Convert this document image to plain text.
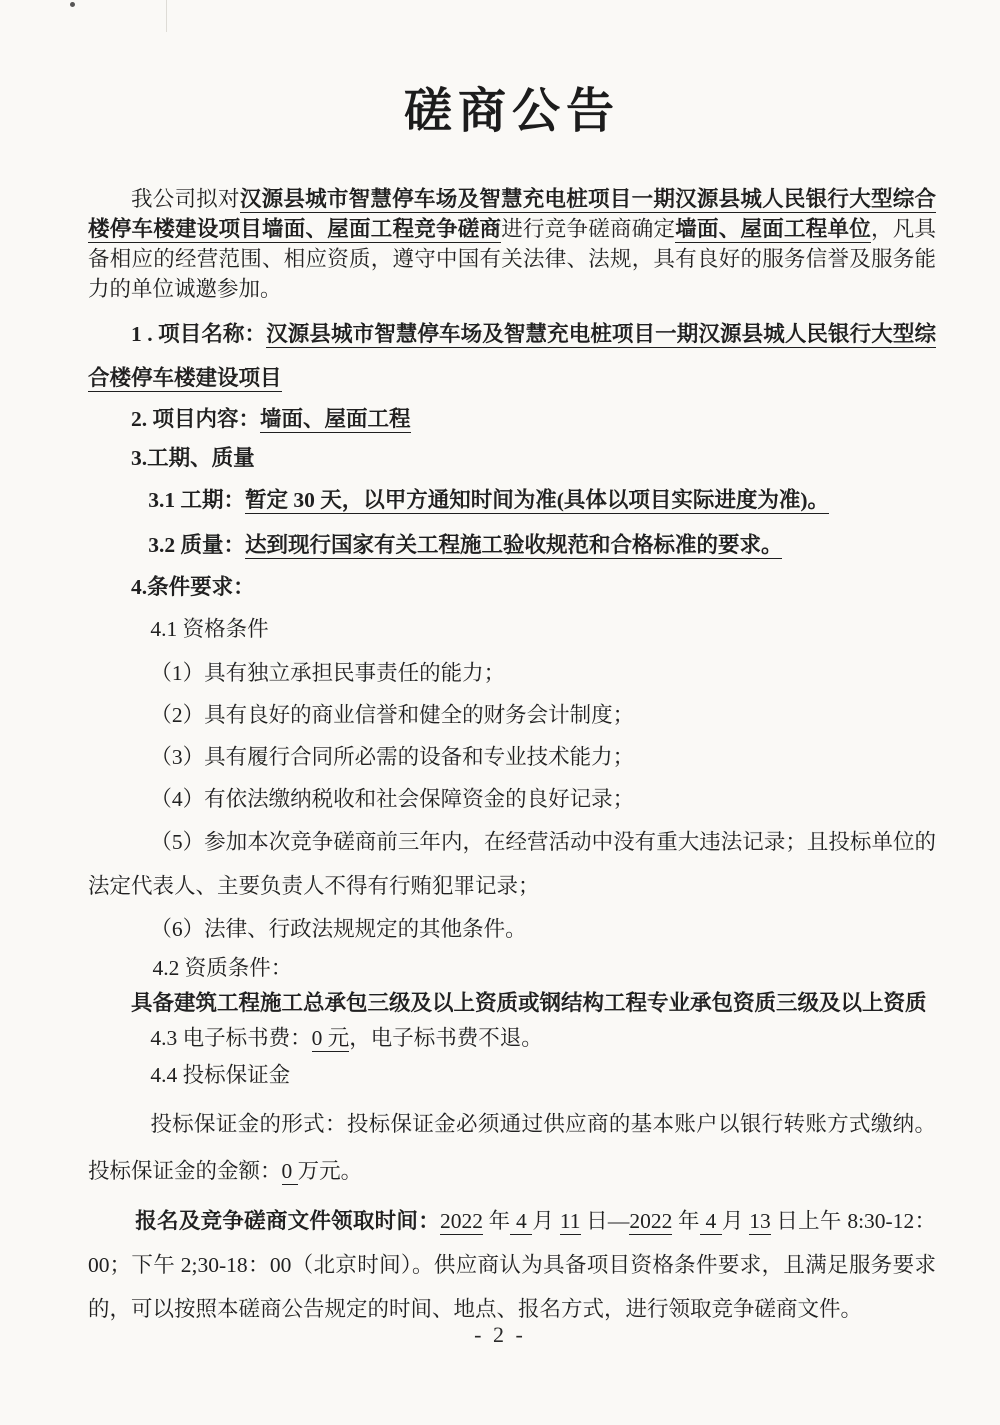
磋商公告

我公司拟对汉源县城市智慧停车场及智慧充电桩项目一期汉源县城人民银行大型综合楼停车楼建设项目墙面、屋面工程竞争磋商进行竞争磋商确定墙面、屋面工程单位，凡具备相应的经营范围、相应资质，遵守中国有关法律、法规，具有良好的服务信誉及服务能力的单位诚邀参加。

1 . 项目名称：汉源县城市智慧停车场及智慧充电桩项目一期汉源县城人民银行大型综合楼停车楼建设项目

2. 项目内容：墙面、屋面工程

3.工期、质量

3.1 工期：暂定 30 天，以甲方通知时间为准(具体以项目实际进度为准)。

3.2 质量：达到现行国家有关工程施工验收规范和合格标准的要求。

4.条件要求：

4.1 资格条件

（1）具有独立承担民事责任的能力；

（2）具有良好的商业信誉和健全的财务会计制度；

（3）具有履行合同所必需的设备和专业技术能力；

（4）有依法缴纳税收和社会保障资金的良好记录；

（5）参加本次竞争磋商前三年内，在经营活动中没有重大违法记录；且投标单位的法定代表人、主要负责人不得有行贿犯罪记录；

（6）法律、行政法规规定的其他条件。

4.2 资质条件：

具备建筑工程施工总承包三级及以上资质或钢结构工程专业承包资质三级及以上资质

4.3 电子标书费：0 元，电子标书费不退。

4.4 投标保证金

投标保证金的形式：投标保证金必须通过供应商的基本账户以银行转账方式缴纳。投标保证金的金额：0 万元。

报名及竞争磋商文件领取时间：2022 年 4 月 11 日—2022 年 4 月 13 日上午 8:30-12：00；下午 2;30-18：00（北京时间）。供应商认为具备项目资格条件要求，且满足服务要求的，可以按照本磋商公告规定的时间、地点、报名方式，进行领取竞争磋商文件。

- 2 -
